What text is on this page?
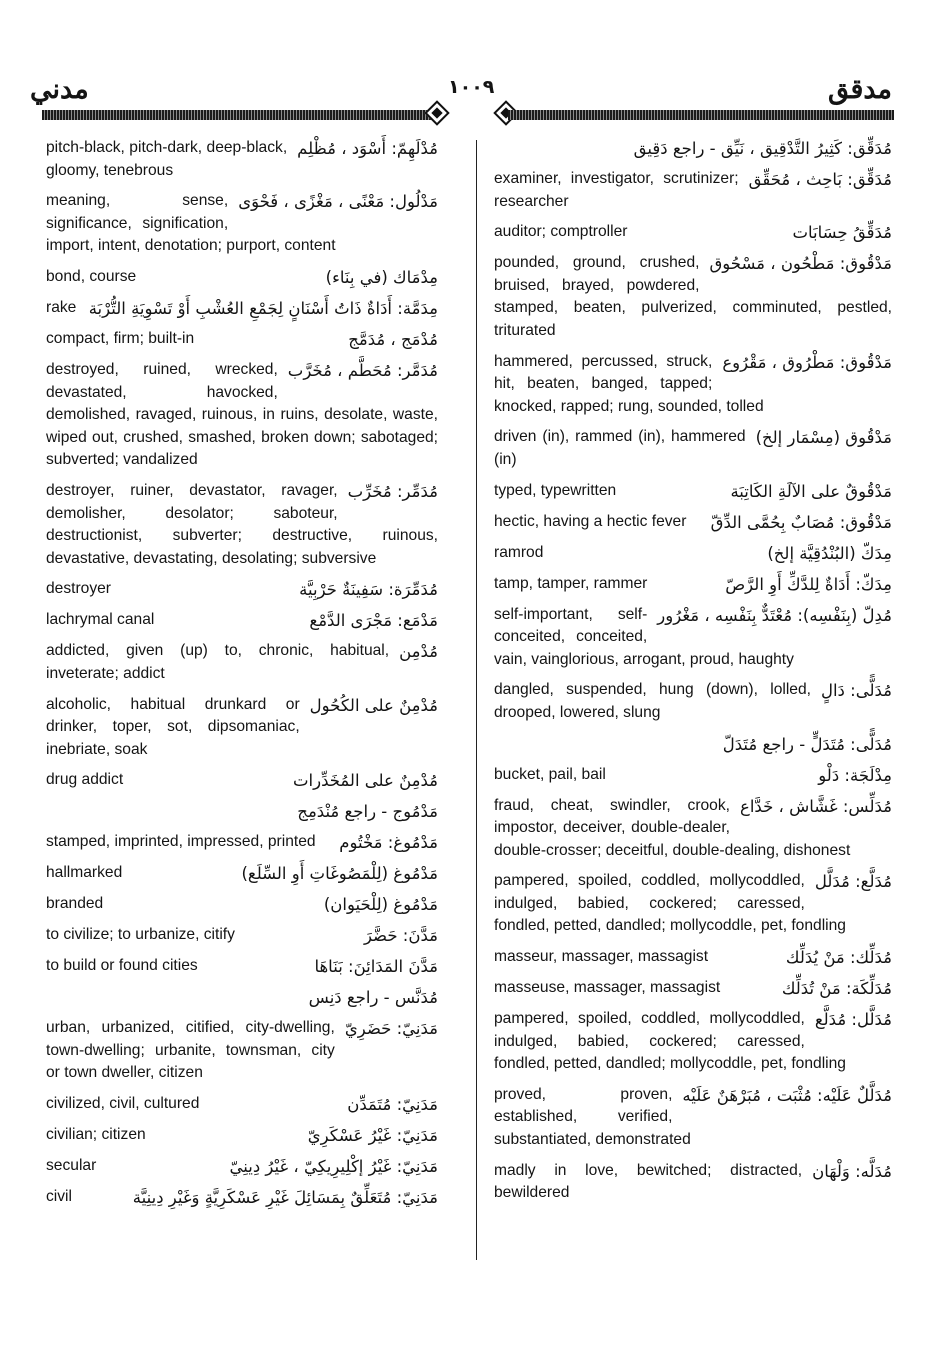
مدني	١٠٠٩	مدقق
مُدْلَهِمّ: أَسْوَد ، مُظْلِم
pitch-black, pitch-dark, deep-black, gloomy, tenebrous
مَدْلُول: مَعْنًى ، مَغْزًى ، فَحْوَى
meaning, sense, significance, signification, import, intent, denotation; purport, content
مِدْمَاك (في بِنَاء)
bond, course
مِدَمَّة: أَدَاةٌ ذَاتُ أَسْنَانٍ لِجَمْعِ العُشْبِ أَوْ تَسْوِيَةِ التُّرْبَة
rake
مُدْمَج ، مُدَمَّج
compact, firm; built-in
مُدَمَّر: مُحَطَّم ، مُخَرَّب
destroyed, ruined, wrecked, devastated, havocked, demolished, ravaged, ruinous, in ruins, desolate, waste, wiped out, crushed, smashed, broken down; sabotaged; subverted; vandalized
مُدَمِّر: مُخَرِّب
destroyer, ruiner, devastator, ravager, demolisher, desolator; saboteur, destructionist, subverter; destructive, ruinous, devastative, devastating, desolating; subversive
مُدَمِّرَة: سَفِينَةٌ حَرْبِيَّة
destroyer
مَدْمَع: مَجْرَى الدَّمْع
lachrymal canal
مُدْمِن
addicted, given (up) to, chronic, habitual, inveterate; addict
مُدْمِنٌ على الكُحُول
alcoholic, habitual drunkard or drinker, toper, sot, dipsomaniac, inebriate, soak
مُدْمِنٌ على المُخَدِّرات
drug addict
مَدْمُوج - راجع مُنْدَمِج
مَدْمُوغ: مَخْتُوم
stamped, imprinted, impressed, printed
مَدْمُوغ (لِلْمَصُوغَاتِ أَوِ السِّلَع)
hallmarked
مَدْمُوغ (لِلْحَيَوان)
branded
مَدَّنَ: حَضَّرَ
to civilize; to urbanize, citify
مَدَّنَ المَدَائِنَ: بَنَاهَا
to build or found cities
مُدَنَّس - راجع دَنِس
مَدَنِيّ: حَضَرِيّ
urban, urbanized, citified, city-dwelling, town-dwelling; urbanite, townsman, city or town dweller, citizen
مَدَنِيّ: مُتَمَدِّن
civilized, civil, cultured
مَدَنِيّ: غَيْرُ عَسْكَرِيّ
civilian; citizen
مَدَنِيّ: غَيْرُ إكْلِيرِيكِيّ ، غَيْرُ دِينِيّ
secular
مَدَنِيّ: مُتَعَلِّقٌ بِمَسَائِلَ غَيْرِ عَسْكَرِيَّةٍ وَغَيْرِ دِينِيَّة
civil
مُدَقِّق: كَثِيرُ التَّدْقِيق ، نَيِّق - راجع دَقِيق
مُدَقِّق: بَاحِث ، مُحَقِّق
examiner, investigator, scrutinizer; researcher
مُدَقِّقُ حِسَابَات
auditor; comptroller
مَدْقُوق: مَطْحُون ، مَسْحُوق
pounded, ground, crushed, bruised, brayed, powdered, stamped, beaten, pulverized, comminuted, pestled, triturated
مَدْقُوق: مَطْرُوق ، مَقْرُوع
hammered, percussed, struck, hit, beaten, banged, tapped; knocked, rapped; rung, sounded, tolled
مَدْقُوق (مِسْمَار إلخ)
driven (in), rammed (in), hammered (in)
مَدْقُوقٌ على الآلَةِ الكَاتِبَة
typed, typewritten
مَدْقُوق: مُصَابٌ بِحُمَّى الدِّقّ
hectic, having a hectic fever
مِدَكّ (البُنْدُقِيَّة إلخ)
ramrod
مِدَكّ: أَدَاةٌ لِلدَّكِّ أَوِ الرَّصّ
tamp, tamper, rammer
مُدِلّ (بِنَفْسِه): مُعْتَدٌّ بِنَفْسِه ، مَغْرُور
self-important, self-conceited, conceited, vain, vainglorious, arrogant, proud, haughty
مُدَلًّى: دَالٍ
dangled, suspended, hung (down), lolled, drooped, lowered, slung
مُدَلًّى: مُتَدَلٍّ - راجع مُتَدَلّ
مِدْلَجَة: دَلْو
bucket, pail, bail
مُدَلِّس: غَشَّاش ، خَدَّاع
fraud, cheat, swindler, crook, impostor, deceiver, double-dealer, double-crosser; deceitful, double-dealing, dishonest
مُدَلَّع: مُدَلَّل
pampered, spoiled, coddled, mollycoddled, indulged, babied, cockered; caressed, fondled, petted, dandled; mollycoddle, pet, fondling
مُدَلِّك: مَنْ يُدَلِّك
masseur, massager, massagist
مُدَلِّكَة: مَنْ تُدَلِّك
masseuse, massager, massagist
مُدَلَّل: مُدَلَّع
pampered, spoiled, coddled, mollycoddled, indulged, babied, cockered; caressed, fondled, petted, dandled; mollycoddle, pet, fondling
مُدَلَّلٌ عَلَيْه: مُثْبَت ، مُبَرْهَنٌ عَلَيْه
proved, proven, established, verified, substantiated, demonstrated
مُدَلَّه: وَلْهَان
madly in love, bewitched; distracted, bewildered
